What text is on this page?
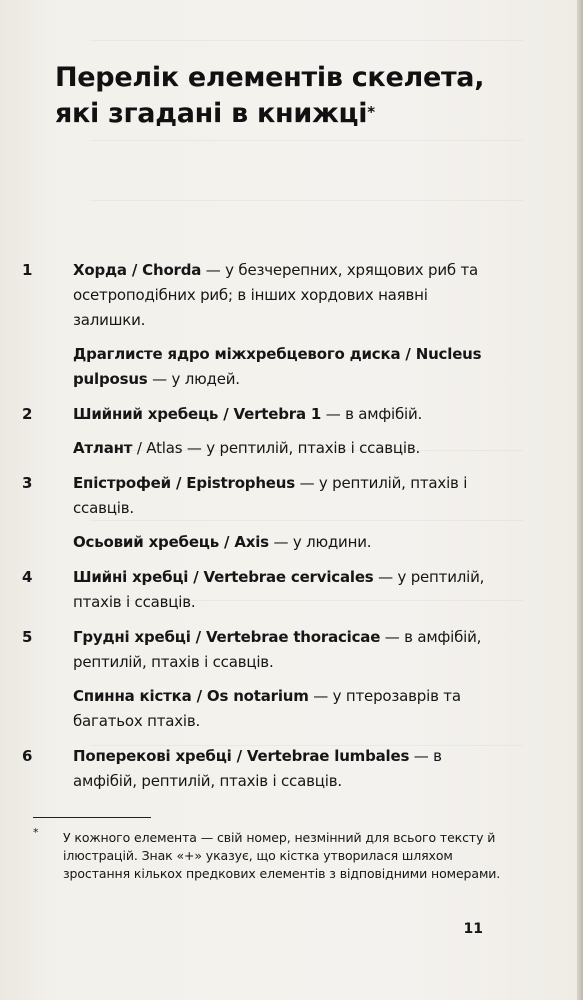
Перелік елементів скелета,
які згадані в книжці*
1	Хорда / Chorda — у безчерепних, хрящових риб та осетроподібних риб; в інших хордових наявні залишки.
Драглисте ядро міжхребцевого диска / Nucleus pulposus — у людей.
2	Шийний хребець / Vertebra 1 — в амфібій.
Атлант / Atlas — у рептилій, птахів і ссавців.
3	Епістрофей / Epistropheus — у рептилій, птахів і ссавців.
Осьовий хребець / Axis — у людини.
4	Шийні хребці / Vertebrae cervicales — у рептилій, птахів і ссавців.
5	Грудні хребці / Vertebrae thoracicae — в амфібій, рептилій, птахів і ссавців.
Спинна кістка / Os notarium — у птерозаврів та багатьох птахів.
6	Поперекові хребці / Vertebrae lumbales — в амфібій, рептилій, птахів і ссавців.
* У кожного елемента — свій номер, незмінний для всього тексту й ілюстрацій. Знак «+» указує, що кістка утворилася шляхом зростання кількох предкових елементів з відповідними номерами.
11
